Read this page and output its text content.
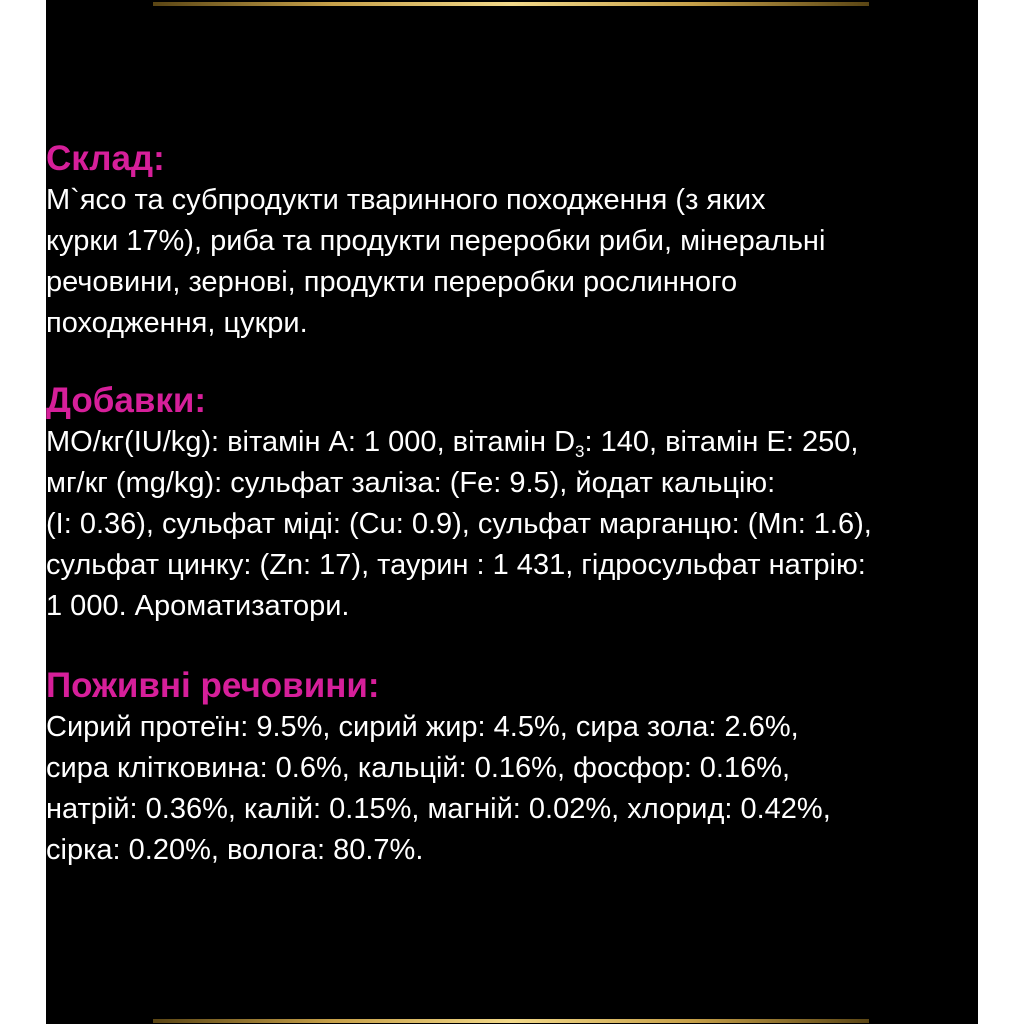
Склад:

М`ясо та субпродукти тваринного походження (з яких
курки 17%), риба та продукти переробки риби, мінеральні
речовини, зернові, продукти переробки рослинного
походження, цукри.

Добавки:

МО/кг(IU/kg): вітамін А: 1 000, вітамін $D_3$: 140, вітамін Е: 250,
мг/кг (mg/kg): сульфат заліза: (Fe: 9.5), йодат кальцію:
(I: 0.36), сульфат міді: (Cu: 0.9), сульфат марганцю: (Mn: 1.6),
сульфат цинку: (Zn: 17), таурин : 1 431, гідросульфат натрію:
1 000. Ароматизатори.

Поживні речовини:

Сирий протеїн: 9.5%, сирий жир: 4.5%, сира зола: 2.6%,
сира клітковина: 0.6%, кальцій: 0.16%, фосфор: 0.16%,
натрій: 0.36%, калій: 0.15%, магній: 0.02%, хлорид: 0.42%,
сірка: 0.20%, волога: 80.7%.
